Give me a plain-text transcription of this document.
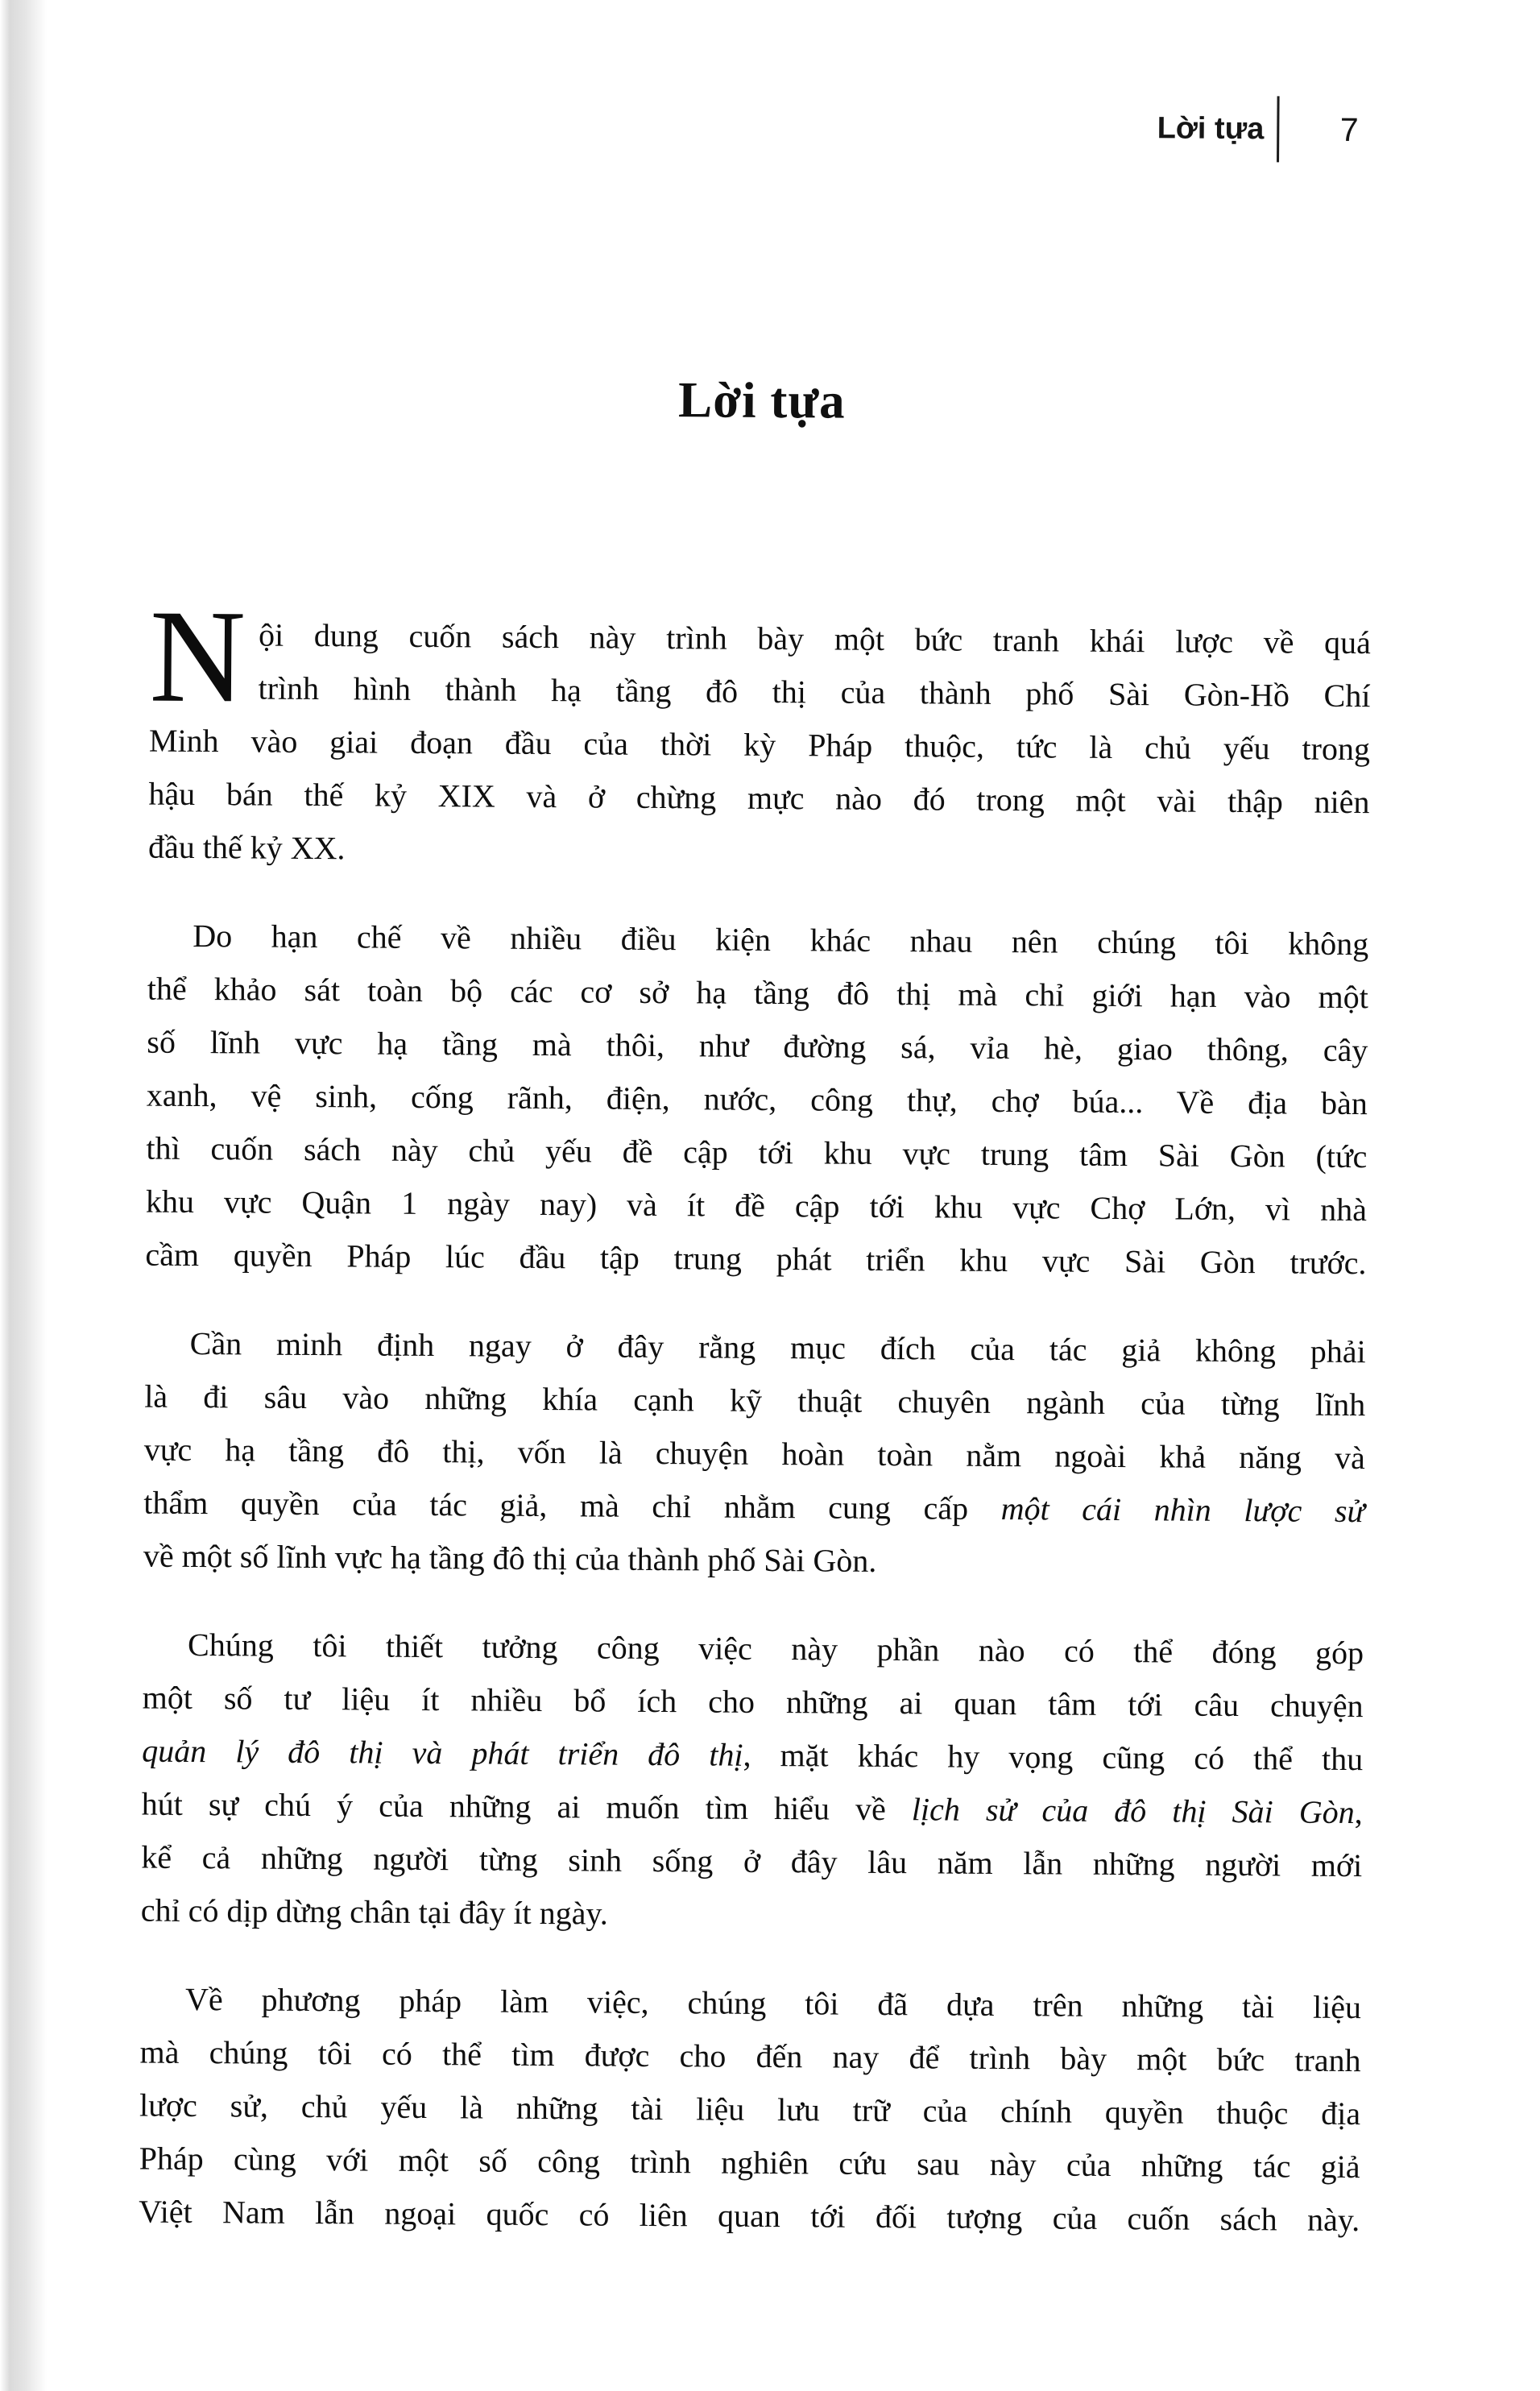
Lời tựa	7
Lời tựa
N ội dung cuốn sách này trình bày một bức tranh khái lược về quá
trình hình thành hạ tầng đô thị của thành phố Sài Gòn-Hồ Chí
Minh vào giai đoạn đầu của thời kỳ Pháp thuộc, tức là chủ yếu trong
hậu bán thế kỷ XIX và ở chừng mực nào đó trong một vài thập niên
đầu thế kỷ XX.
Do hạn chế về nhiều điều kiện khác nhau nên chúng tôi không
thể khảo sát toàn bộ các cơ sở hạ tầng đô thị mà chỉ giới hạn vào một
số lĩnh vực hạ tầng mà thôi, như đường sá, vỉa hè, giao thông, cây
xanh, vệ sinh, cống rãnh, điện, nước, công thự, chợ búa... Về địa bàn
thì cuốn sách này chủ yếu đề cập tới khu vực trung tâm Sài Gòn (tức
khu vực Quận 1 ngày nay) và ít đề cập tới khu vực Chợ Lớn, vì nhà
cầm quyền Pháp lúc đầu tập trung phát triển khu vực Sài Gòn trước.
Cần minh định ngay ở đây rằng mục đích của tác giả không phải
là đi sâu vào những khía cạnh kỹ thuật chuyên ngành của từng lĩnh
vực hạ tầng đô thị, vốn là chuyện hoàn toàn nằm ngoài khả năng và
thẩm quyền của tác giả, mà chỉ nhằm cung cấp một cái nhìn lược sử
về một số lĩnh vực hạ tầng đô thị của thành phố Sài Gòn.
Chúng tôi thiết tưởng công việc này phần nào có thể đóng góp
một số tư liệu ít nhiều bổ ích cho những ai quan tâm tới câu chuyện
quản lý đô thị và phát triển đô thị, mặt khác hy vọng cũng có thể thu
hút sự chú ý của những ai muốn tìm hiểu về lịch sử của đô thị Sài Gòn,
kể cả những người từng sinh sống ở đây lâu năm lẫn những người mới
chỉ có dịp dừng chân tại đây ít ngày.
Về phương pháp làm việc, chúng tôi đã dựa trên những tài liệu
mà chúng tôi có thể tìm được cho đến nay để trình bày một bức tranh
lược sử, chủ yếu là những tài liệu lưu trữ của chính quyền thuộc địa
Pháp cùng với một số công trình nghiên cứu sau này của những tác giả
Việt Nam lẫn ngoại quốc có liên quan tới đối tượng của cuốn sách này.
